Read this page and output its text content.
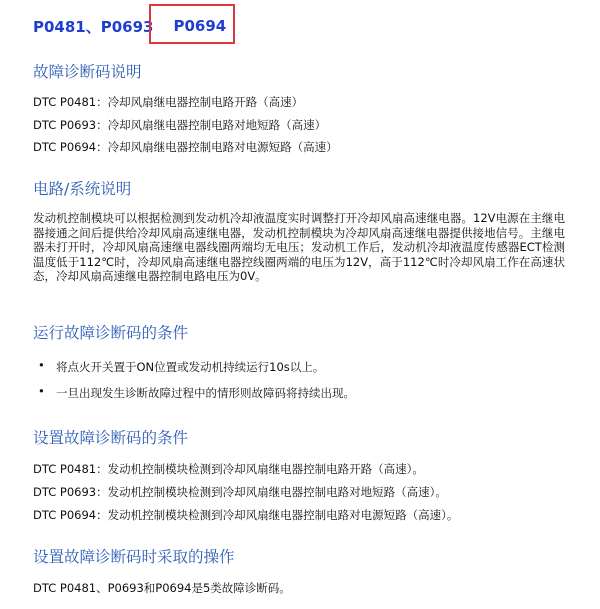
P0481、P0693 P0694
故障诊断码说明
DTC P0481：冷却风扇继电器控制电路开路（高速）
DTC P0693：冷却风扇继电器控制电路对地短路（高速）
DTC P0694：冷却风扇继电器控制电路对电源短路（高速）
电路/系统说明
发动机控制模块可以根据检测到发动机冷却液温度实时调整打开冷却风扇高速继电器。12V电源在主继电器接通之间后提供给冷却风扇高速继电器，发动机控制模块为冷却风扇高速继电器提供接地信号。主继电器未打开时，冷却风扇高速继电器线圈两端均无电压；发动机工作后，发动机冷却液温度传感器ECT检测温度低于112℃时，冷却风扇高速继电器控线圈两端的电压为12V，高于112℃时冷却风扇工作在高速状态，冷却风扇高速继电器控制电路电压为0V。
运行故障诊断码的条件
• 将点火开关置于ON位置或发动机持续运行10s以上。
• 一旦出现发生诊断故障过程中的情形则故障码将持续出现。
设置故障诊断码的条件
DTC P0481：发动机控制模块检测到冷却风扇继电器控制电路开路（高速）。
DTC P0693：发动机控制模块检测到冷却风扇继电器控制电路对地短路（高速）。
DTC P0694：发动机控制模块检测到冷却风扇继电器控制电路对电源短路（高速）。
设置故障诊断码时采取的操作
DTC P0481、P0693和P0694是5类故障诊断码。
